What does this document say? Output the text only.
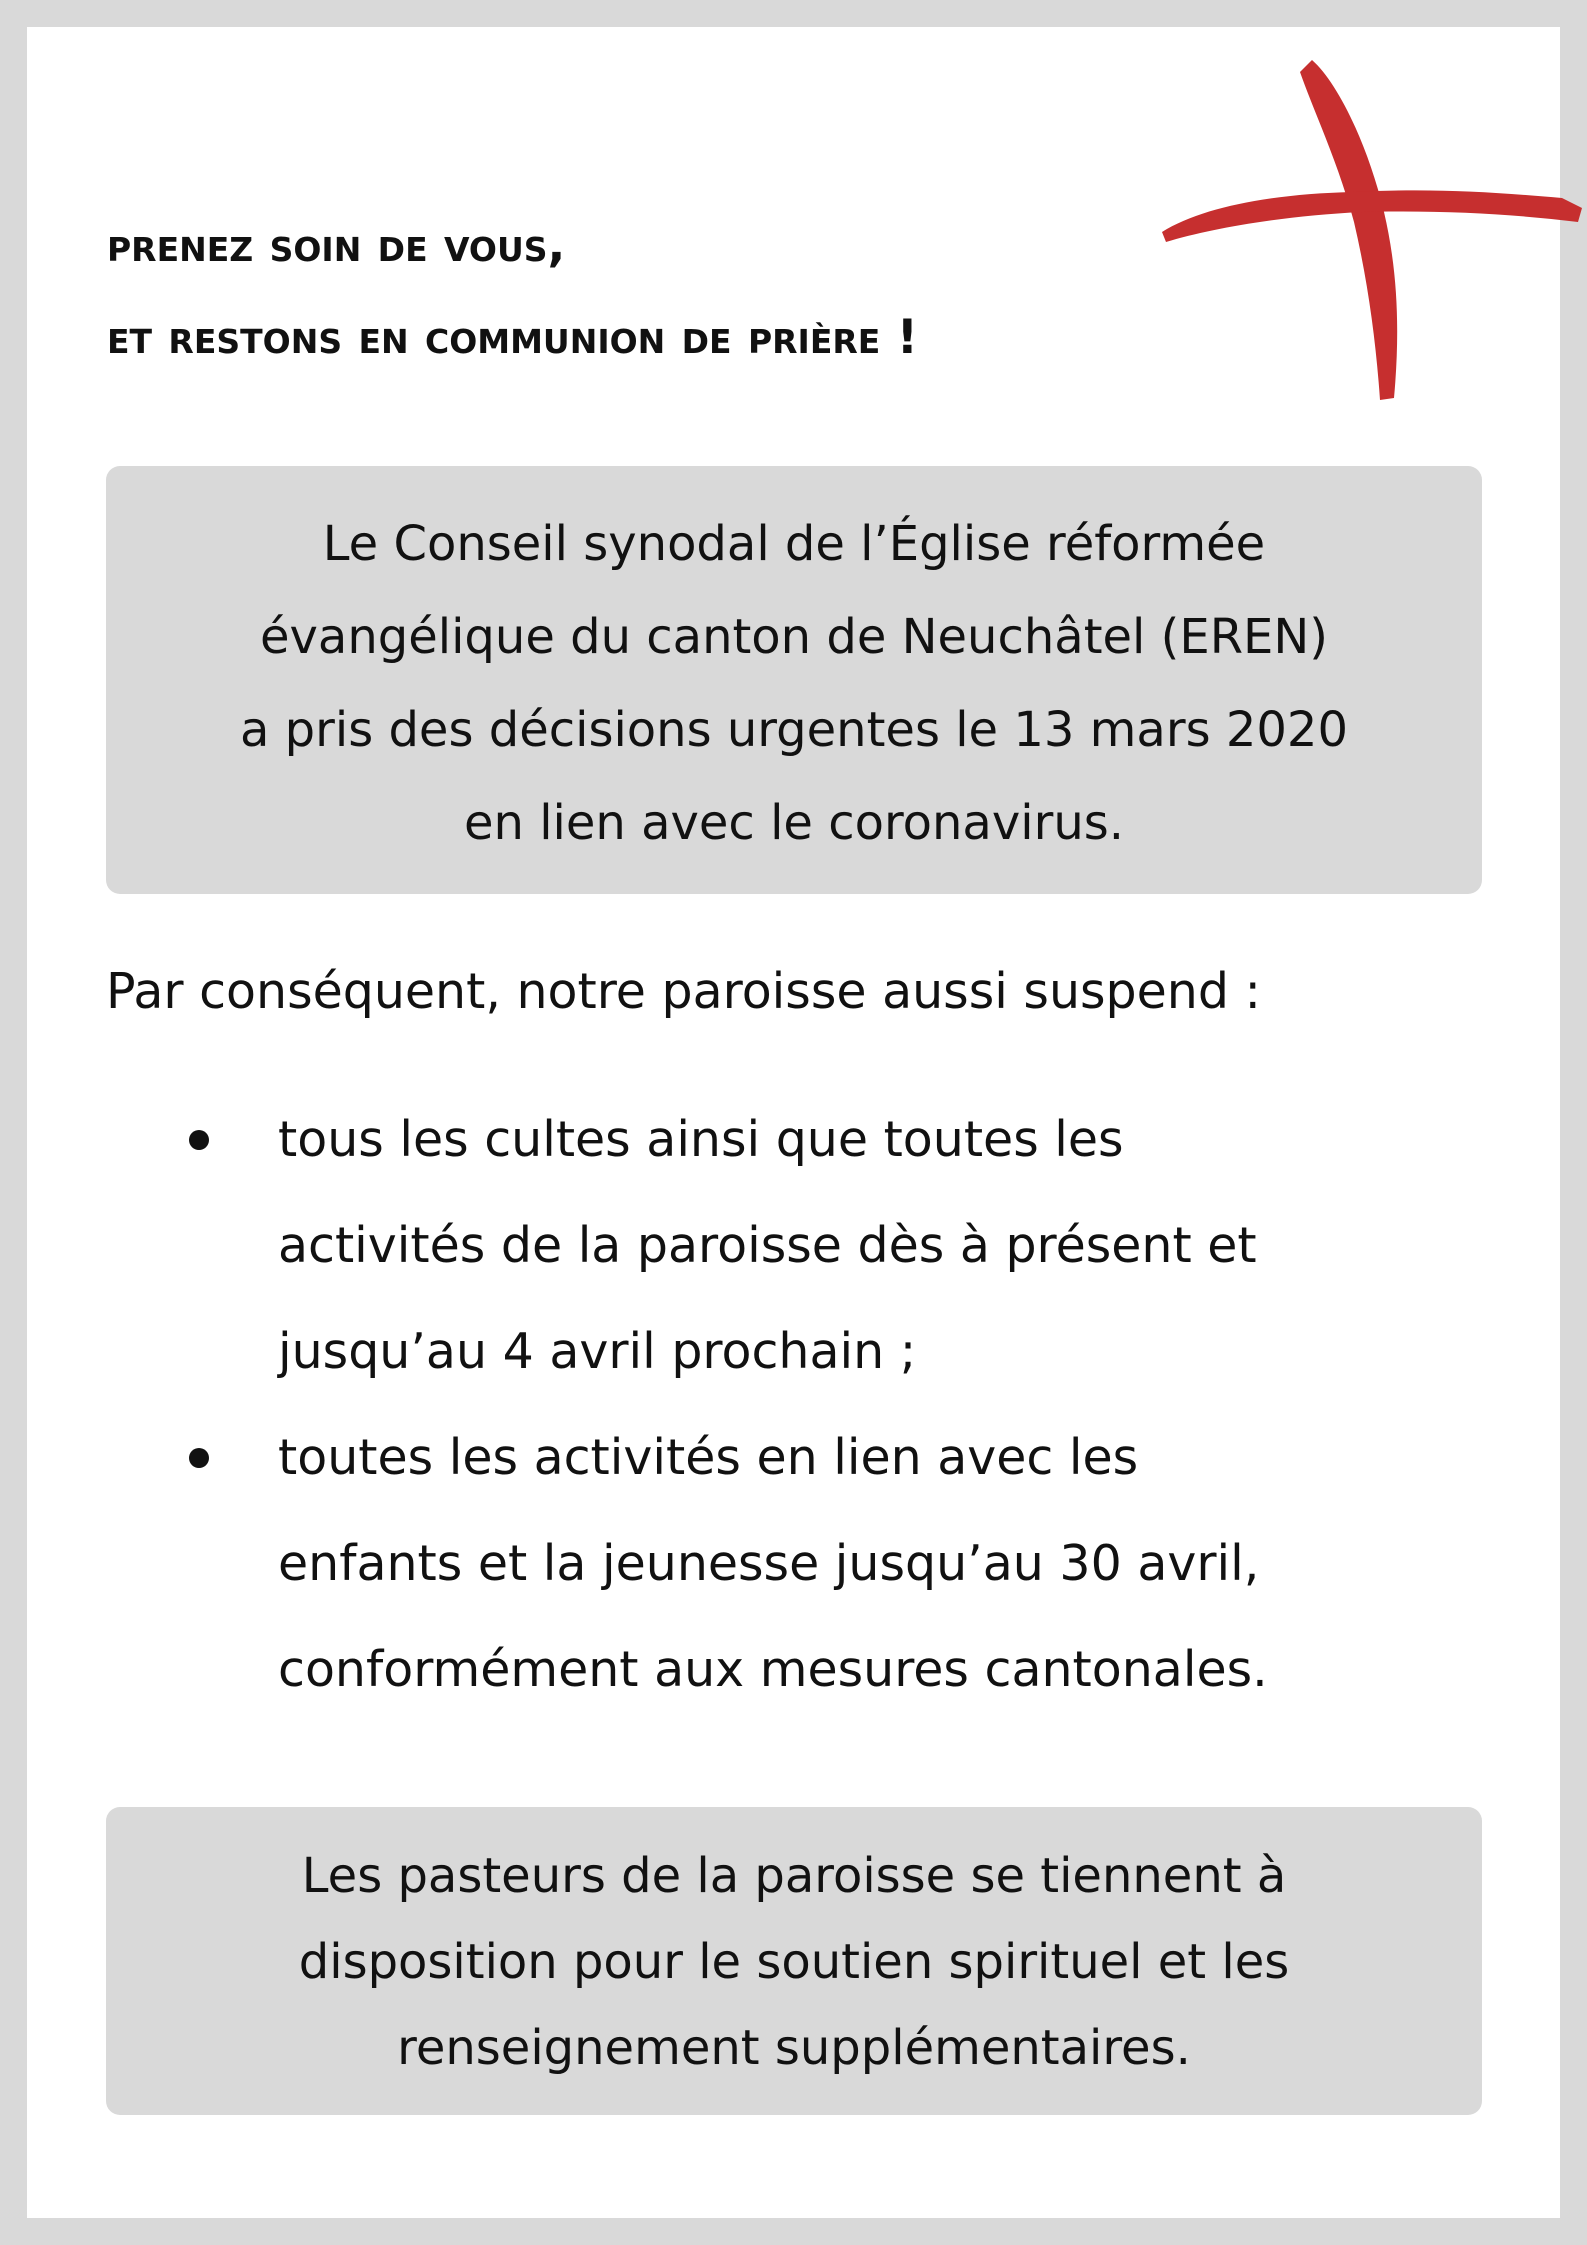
prenez soin de vous,
et restons en communion de prière !
Le Conseil synodal de l’Église réformée
évangélique du canton de Neuchâtel (EREN)
a pris des décisions urgentes le 13 mars 2020
en lien avec le coronavirus.
Par conséquent, notre paroisse aussi suspend :
tous les cultes ainsi que toutes les
activités de la paroisse dès à présent et
jusqu’au 4 avril prochain ;
toutes les activités en lien avec les
enfants et la jeunesse jusqu’au 30 avril,
conformément aux mesures cantonales.
Les pasteurs de la paroisse se tiennent à
disposition pour le soutien spirituel et les
renseignement supplémentaires.
